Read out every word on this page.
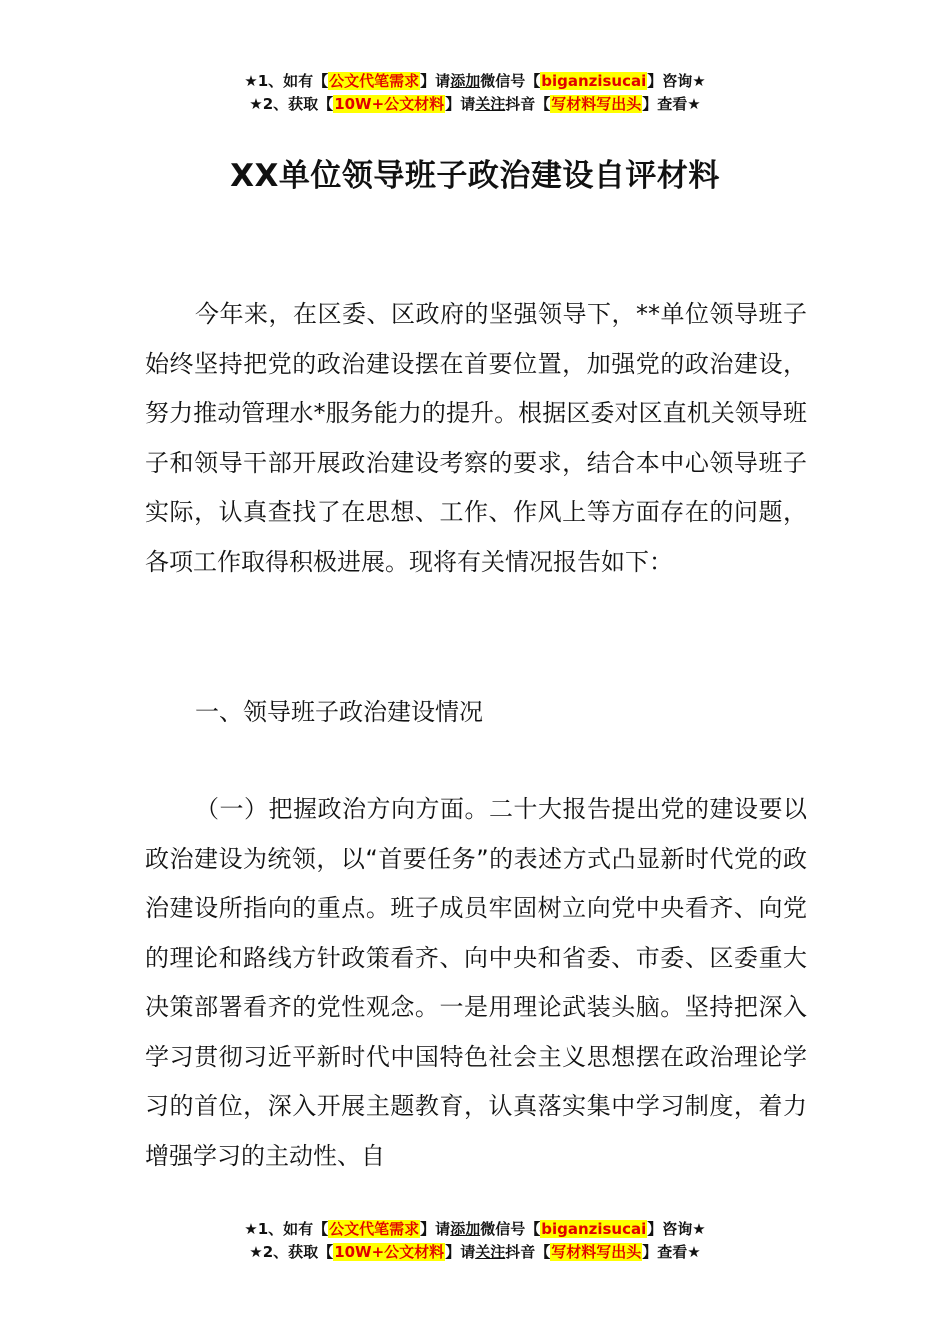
★1、如有【公文代笔需求】请添加微信号【biganzisucai】咨询★
★2、获取【10W+公文材料】请关注抖音【写材料写出头】查看★
XX单位领导班子政治建设自评材料

今年来，在区委、区政府的坚强领导下，**单位领导班子始终坚持把党的政治建设摆在首要位置，加强党的政治建设，努力推动管理水*服务能力的提升。根据区委对区直机关领导班子和领导干部开展政治建设考察的要求，结合本中心领导班子实际，认真查找了在思想、工作、作风上等方面存在的问题，各项工作取得积极进展。现将有关情况报告如下：

一、领导班子政治建设情况

（一）把握政治方向方面。二十大报告提出党的建设要以政治建设为统领，以“首要任务”的表述方式凸显新时代党的政治建设所指向的重点。班子成员牢固树立向党中央看齐、向党的理论和路线方针政策看齐、向中央和省委、市委、区委重大决策部署看齐的党性观念。一是用理论武装头脑。坚持把深入学习贯彻习近平新时代中国特色社会主义思想摆在政治理论学习的首位，深入开展主题教育，认真落实集中学习制度，着力增强学习的主动性、自

★1、如有【公文代笔需求】请添加微信号【biganzisucai】咨询★
★2、获取【10W+公文材料】请关注抖音【写材料写出头】查看★
